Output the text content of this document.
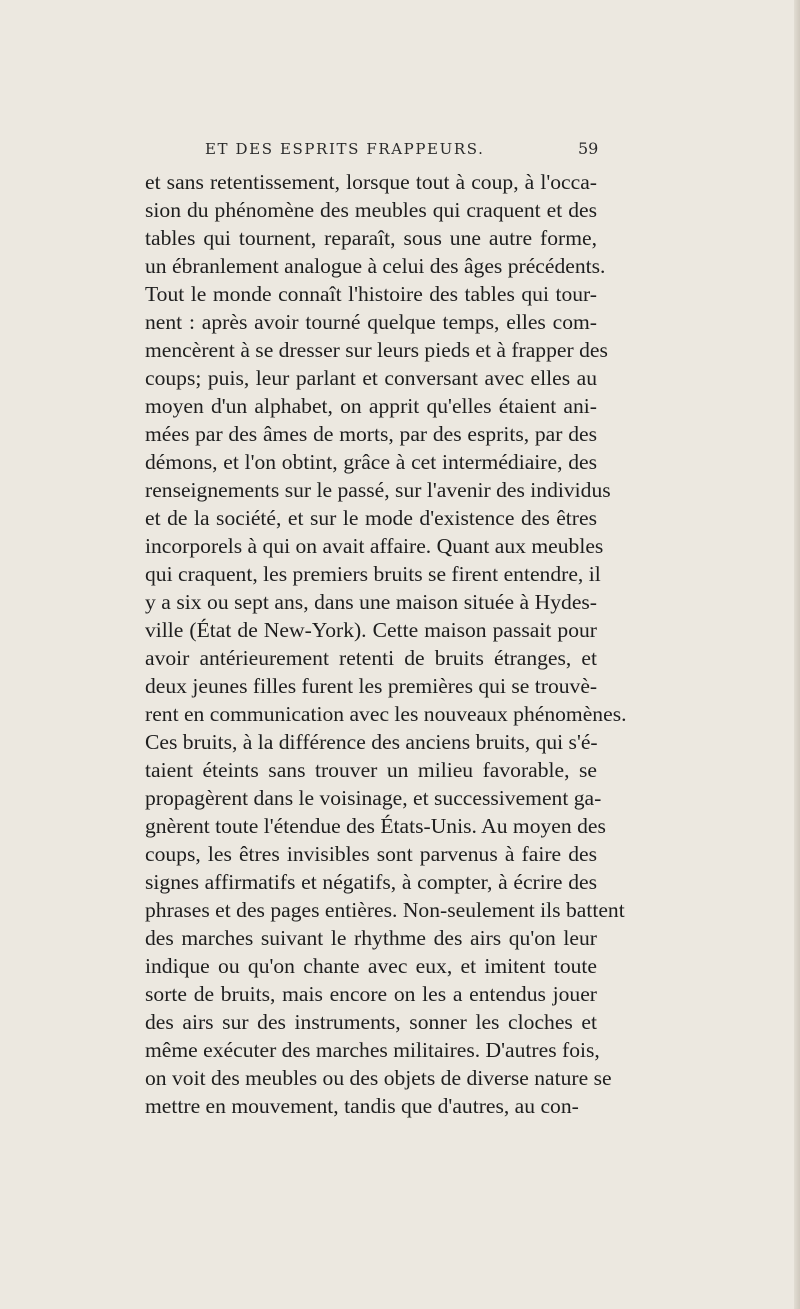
ET DES ESPRITS FRAPPEURS.	59
et sans retentissement, lorsque tout à coup, à l'occa-
sion du phénomène des meubles qui craquent et des
tables qui tournent, reparaît, sous une autre forme,
un ébranlement analogue à celui des âges précédents.
Tout le monde connaît l'histoire des tables qui tour-
nent : après avoir tourné quelque temps, elles com-
mencèrent à se dresser sur leurs pieds et à frapper des
coups; puis, leur parlant et conversant avec elles au
moyen d'un alphabet, on apprit qu'elles étaient ani-
mées par des âmes de morts, par des esprits, par des
démons, et l'on obtint, grâce à cet intermédiaire, des
renseignements sur le passé, sur l'avenir des individus
et de la société, et sur le mode d'existence des êtres
incorporels à qui on avait affaire. Quant aux meubles
qui craquent, les premiers bruits se firent entendre, il
y a six ou sept ans, dans une maison située à Hydes-
ville (État de New-York). Cette maison passait pour
avoir antérieurement retenti de bruits étranges, et
deux jeunes filles furent les premières qui se trouvè-
rent en communication avec les nouveaux phénomènes.
Ces bruits, à la différence des anciens bruits, qui s'é-
taient éteints sans trouver un milieu favorable, se
propagèrent dans le voisinage, et successivement ga-
gnèrent toute l'étendue des États-Unis. Au moyen des
coups, les êtres invisibles sont parvenus à faire des
signes affirmatifs et négatifs, à compter, à écrire des
phrases et des pages entières. Non-seulement ils battent
des marches suivant le rhythme des airs qu'on leur
indique ou qu'on chante avec eux, et imitent toute
sorte de bruits, mais encore on les a entendus jouer
des airs sur des instruments, sonner les cloches et
même exécuter des marches militaires. D'autres fois,
on voit des meubles ou des objets de diverse nature se
mettre en mouvement, tandis que d'autres, au con-
